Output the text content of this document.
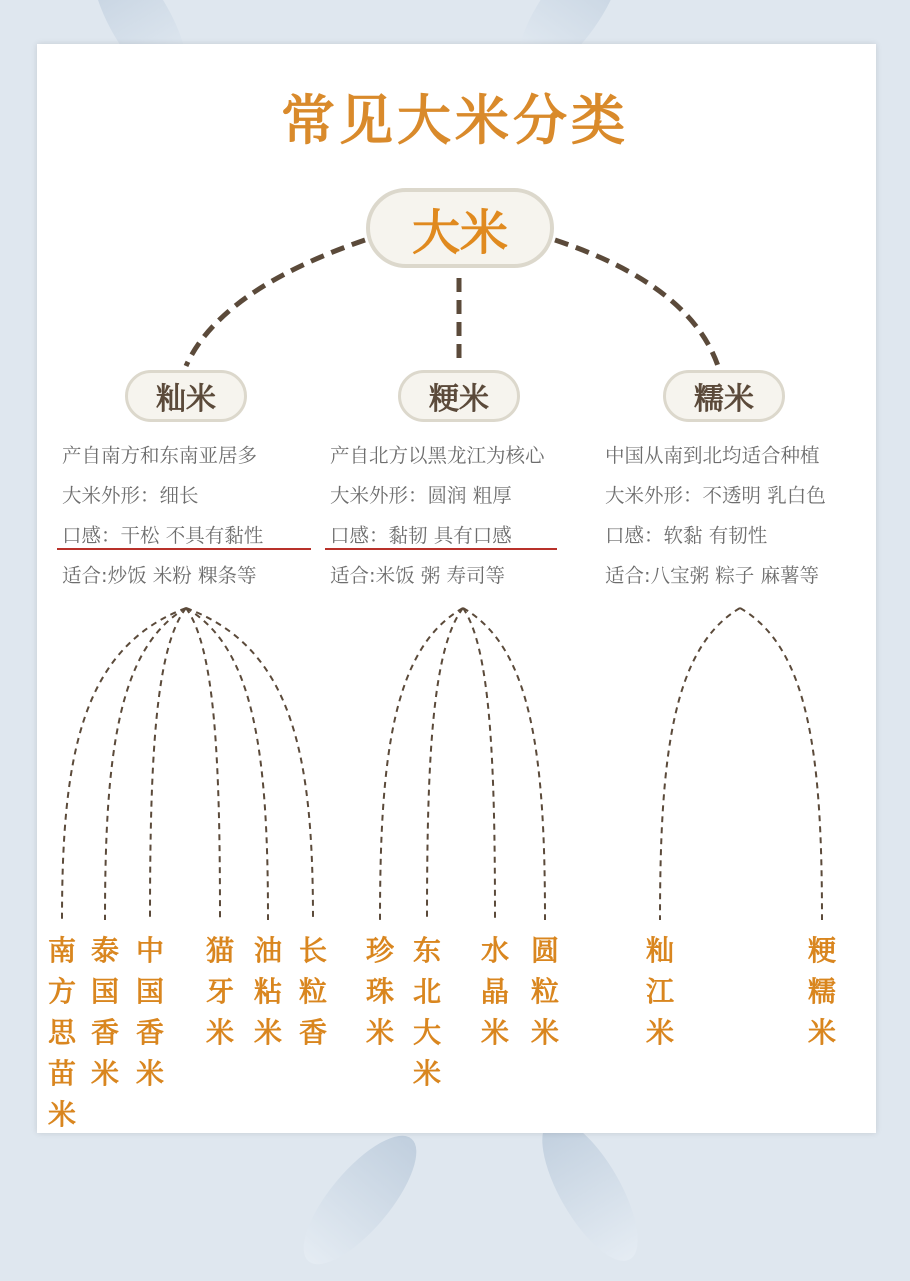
常见大米分类
大米
籼米	粳米	糯米
产自南方和东南亚居多
大米外形：细长
口感：干松 不具有黏性
适合:炒饭 米粉 粿条等
产自北方以黑龙江为核心
大米外形：圆润 粗厚
口感：黏韧 具有口感
适合:米饭 粥 寿司等
中国从南到北均适合种植
大米外形：不透明 乳白色
口感：软黏 有韧性
适合:八宝粥 粽子 麻薯等
南方思苗米
泰国香米
中国香米
猫牙米
油粘米
长粒香
珍珠米
东北大米
水晶米
圆粒米
籼江米
粳糯米
